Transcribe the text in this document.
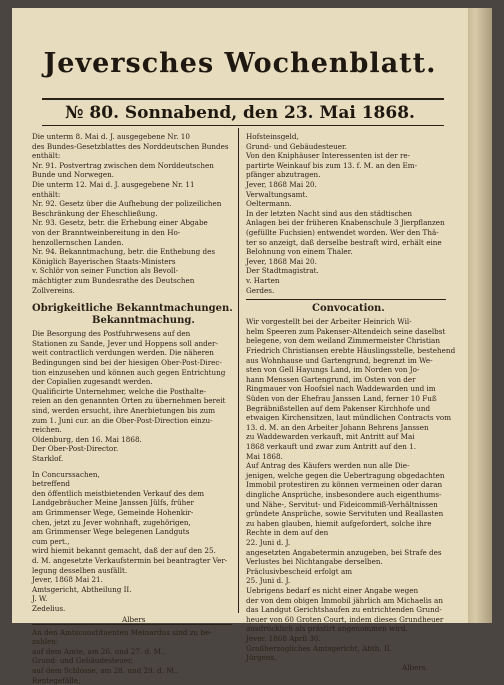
Jeversches Wochenblatt.
№ 80. Sonnabend, den 23. Mai 1868.
Die unterm 8. Mai d. J. ausgegebene Nr. 10
des Bundes-Gesetzblattes des Norddeutschen Bundes
enthält:
Nr. 91. Postvertrag zwischen dem Norddeutschen
Bunde und Norwegen.
Die unterm 12. Mai d. J. ausgegebene Nr. 11
enthält:
Nr. 92. Gesetz über die Aufhebung der polizeilichen
Beschränkung der Eheschließung.
Nr. 93. Gesetz, betr. die Erhebung einer Abgabe
von der Branntweinbereitung in den Ho-
henzollernschen Landen.
Nr. 94. Bekanntmachung, betr. die Enthebung des
Königlich Bayerischen Staats-Ministers
v. Schlör von seiner Function als Bevoll-
mächtigter zum Bundesrathe des Deutschen
Zollvereins.
Obrigkeitliche Bekanntmachungen.
Bekanntmachung.
Die Besorgung des Postfuhrwesens auf den
Stationen zu Sande, Jever und Hoppens soll ander-
weit contractlich verdungen werden. Die näheren
Bedingungen sind bei der hiesigen Ober-Post-Direc-
tion einzusehen und können auch gegen Entrichtung
der Copialien zugesandt werden.
Qualificirte Unternehmer, welche die Posthalte-
reien an den genannten Orten zu übernehmen bereit
sind, werden ersucht, ihre Anerbietungen bis zum
zum 1. Juni cur. an die Ober-Post-Direction einzu-
reichen.
Oldenburg, den 16. Mai 1868.
Der Ober-Post-Director.
Starklof.
In Concurssachen,
betreffend
den öffentlich meistbietenden Verkauf des dem
Landgebräucher Meine Janssen Jülfs, früher
am Grimmenser Wege, Gemeinde Hohenkir-
chen, jetzt zu Jever wohnhaft, zugehörigen,
am Grimmenser Wege belegenen Landguts
cum pert.,
wird hiemit bekannt gemacht, daß der auf den 25.
d. M. angesetzte Verkaufstermin bei beantragter Ver-
legung desselben ausfällt.
Jever, 1868 Mai 21.
Amtsgericht, Abtheilung II.
J. W.
Zedelius.
Albers
An den Amtsconstituenten Meinardus sind zu be-
zahlen:
auf dem Amte, am 26. und 27. d. M.,
Grund- und Gebäudesteuer,
auf dem Schlosse, am 28. und 29. d. M.,
Rentegefälle,
Hofsteinsgeld,
Grund- und Gebäudesteuer.
Von den Kniphäuser Interessenten ist der re-
partirte Weinkauf bis zum 13. f. M. an den Em-
pfänger abzutragen.
Jever, 1868 Mai 20.
Verwaltungsamt.
Oeltermann.
In der letzten Nacht sind aus den städtischen
Anlagen bei der früheren Knabenschule 3 Jierpflanzen
(gefüllte Fuchsien) entwendet worden. Wer den Thä-
ter so anzeigt, daß derselbe bestraft wird, erhält eine
Belohnung von einem Thaler.
Jever, 1868 Mai 20.
Der Stadtmagistrat.
v. Harten
Gerdes.
Convocation.
Wir vorgestellt bei der Arbeiter Heinrich Wil-
helm Speeren zum Pakenser-Altendeich seine daselbst
belegene, von dem weiland Zimmermeister Christian
Friedrich Christiansen erebte Häuslingsstelle, bestehend
aus Wohnhause und Gartengrund, begrenzt im We-
sten von Gell Hayungs Land, im Norden von Jo-
hann Menssen Gartengrund, im Osten von der
Ringmauer von Hoofsiel nach Waddewarden und im
Süden von der Ehefrau Janssen Land, ferner 10 Fuß
Begräbnißstellen auf dem Pakenser Kirchhofe und
etwaigen Kirchensitzen, laut mündlichen Contracts vom
13. d. M. an den Arbeiter Johann Behrens Janssen
zu Waddewarden verkauft, mit Antritt auf Mai
1868 verkauft und zwar zum Antritt auf den 1.
Mai 1868.
Auf Antrag des Käufers werden nun alle Die-
jenigen, welche gegen die Uebertragung obgedachten
Immobil protestiren zu können vermeinen oder daran
dingliche Ansprüche, insbesondere auch eigenthums-
und Nähe-, Servitut- und Fideicommiß-Verhältnissen
gründete Ansprüche, sowie Servituten und Reallasten
zu haben glauben, hiemit aufgefordert, solche ihre
Rechte in dem auf den
22. Juni d. J.
angesetzten Angabetermin anzugeben, bei Strafe des
Verlustes bei Nichtangabe derselben.
Präclusivbescheid erfolgt am
25. Juni d. J.
Uebrigens bedarf es nicht einer Angabe wegen
der von dem obigen Immobil jährlich am Michaelis an
das Landgut Gerichtshaufen zu entrichtenden Grund-
heuer von 60 Groten Court, indem dieses Grundheuer
ausdrücklich als prästirt angenommen wird.
Jever, 1868 April 30.
Großherzogliches Amtsgericht, Abth. II.
Jürgens.
Albers.
